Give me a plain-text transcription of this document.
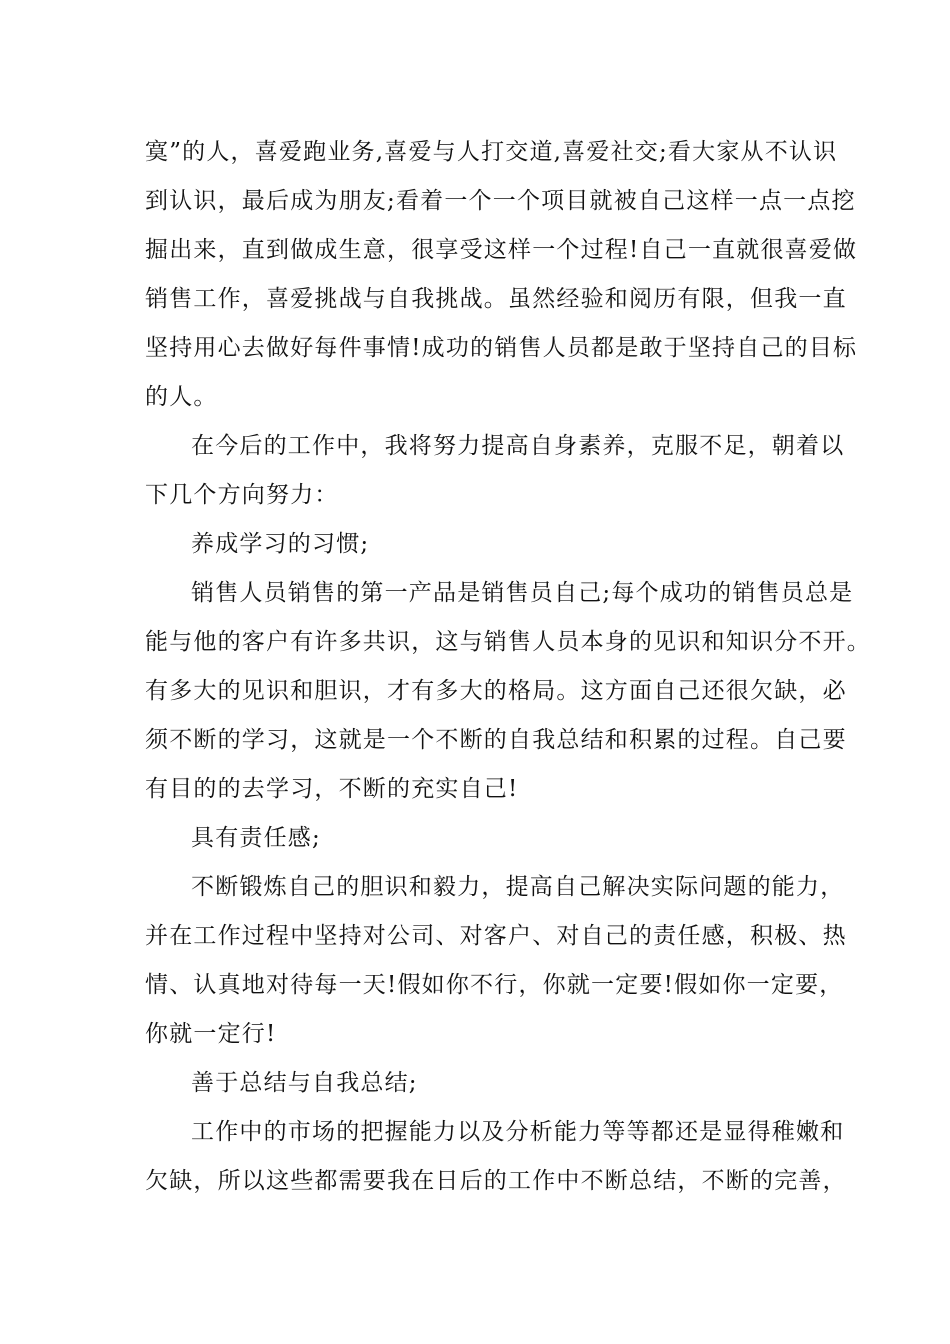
寞”的人，喜爱跑业务,喜爱与人打交道,喜爱社交;看大家从不认识
到认识，最后成为朋友;看着一个一个项目就被自己这样一点一点挖
掘出来，直到做成生意，很享受这样一个过程!自己一直就很喜爱做
销售工作，喜爱挑战与自我挑战。虽然经验和阅历有限，但我一直
坚持用心去做好每件事情!成功的销售人员都是敢于坚持自己的目标
的人。
在今后的工作中，我将努力提高自身素养，克服不足，朝着以
下几个方向努力：
养成学习的习惯;
销售人员销售的第一产品是销售员自己;每个成功的销售员总是
能与他的客户有许多共识，这与销售人员本身的见识和知识分不开。
有多大的见识和胆识，才有多大的格局。这方面自己还很欠缺，必
须不断的学习，这就是一个不断的自我总结和积累的过程。自己要
有目的的去学习，不断的充实自己!
具有责任感;
不断锻炼自己的胆识和毅力，提高自己解决实际问题的能力，
并在工作过程中坚持对公司、对客户、对自己的责任感，积极、热
情、认真地对待每一天!假如你不行，你就一定要!假如你一定要，
你就一定行!
善于总结与自我总结;
工作中的市场的把握能力以及分析能力等等都还是显得稚嫩和
欠缺，所以这些都需要我在日后的工作中不断总结，不断的完善，
